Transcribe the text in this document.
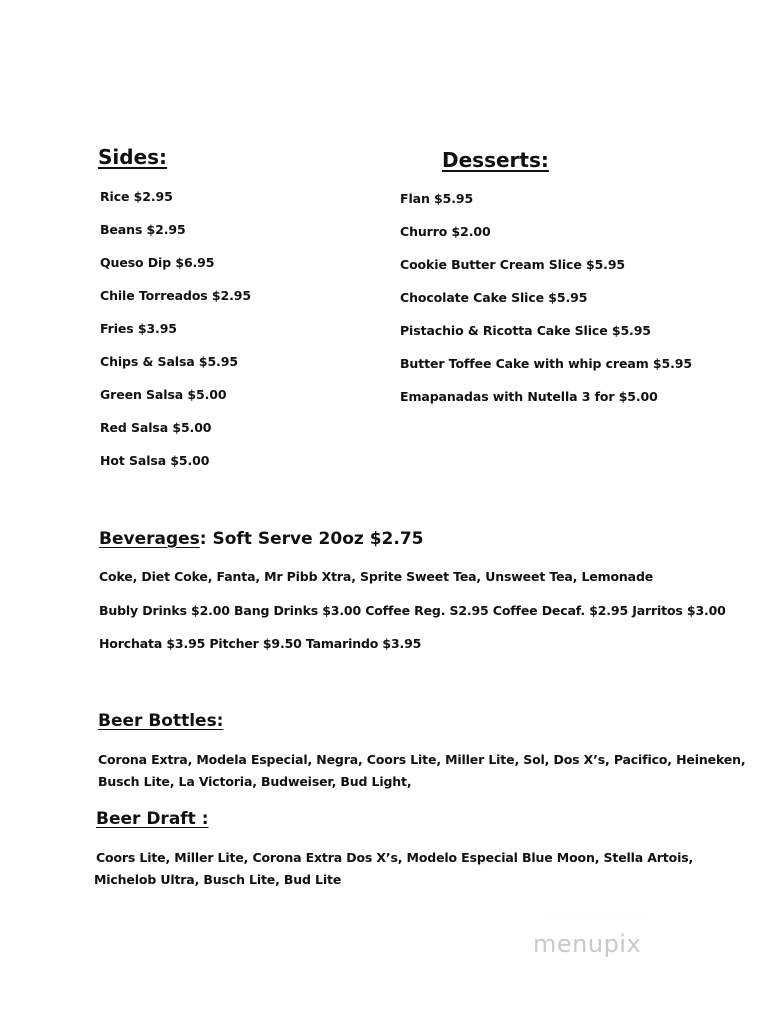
Sides:
Rice $2.95
Beans $2.95
Queso Dip $6.95
Chile Torreados $2.95
Fries $3.95
Chips & Salsa $5.95
Green Salsa $5.00
Red Salsa $5.00
Hot Salsa $5.00
Desserts:
Flan $5.95
Churro $2.00
Cookie Butter Cream Slice $5.95
Chocolate Cake Slice $5.95
Pistachio & Ricotta Cake Slice $5.95
Butter Toffee Cake with whip cream $5.95
Emapanadas with Nutella 3 for $5.00
Beverages: Soft Serve 20oz $2.75
Coke, Diet Coke, Fanta, Mr Pibb Xtra, Sprite Sweet Tea, Unsweet Tea, Lemonade
Bubly Drinks $2.00 Bang Drinks $3.00 Coffee Reg. S2.95 Coffee Decaf. $2.95 Jarritos $3.00
Horchata $3.95 Pitcher $9.50 Tamarindo $3.95
Beer Bottles:
Corona Extra, Modela Especial, Negra, Coors Lite, Miller Lite, Sol, Dos X’s, Pacifico, Heineken,
Busch Lite, La Victoria, Budweiser, Bud Light,
Beer Draft :
Coors Lite, Miller Lite, Corona Extra Dos X’s, Modelo Especial Blue Moon, Stella Artois,
Michelob Ultra, Busch Lite, Bud Lite
· · · · · · · · · · · · ·
menupix
